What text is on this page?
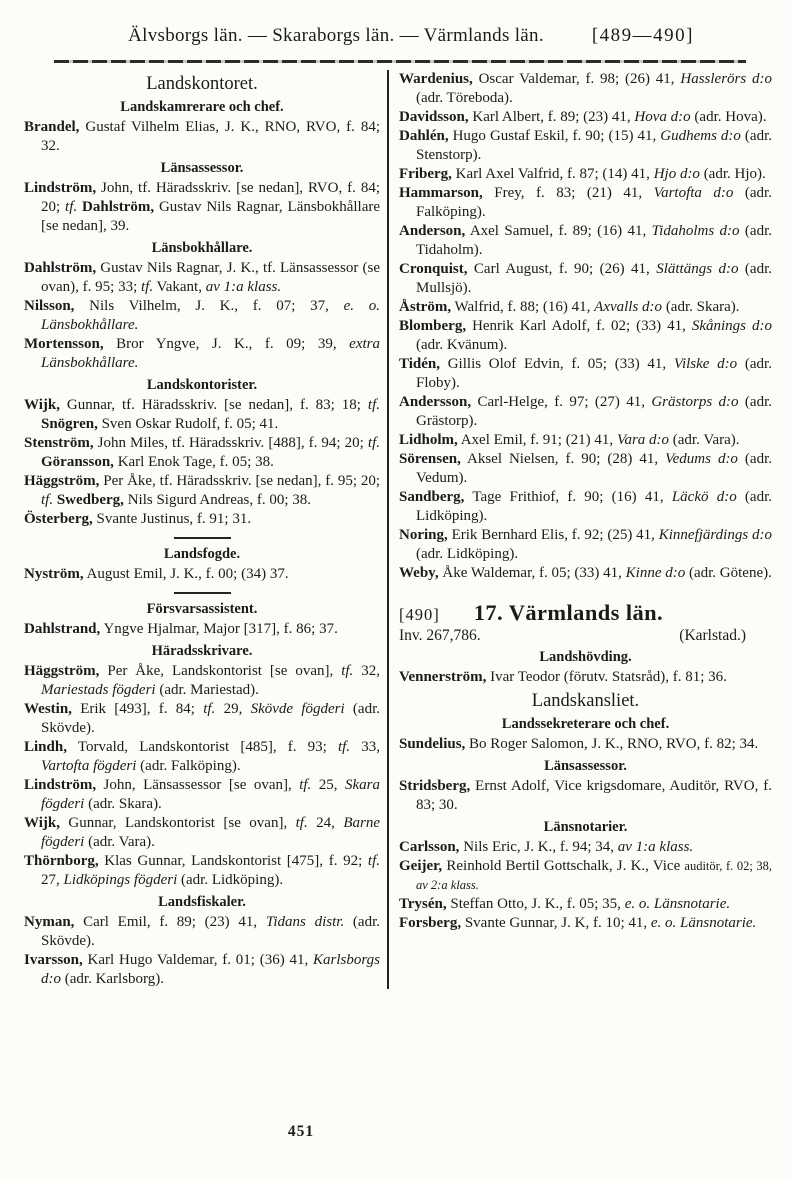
Älvsborgs län. — Skaraborgs län. — Värmlands län.	[489—490]
Landskontoret.
Landskamrerare och chef.

Brandel, Gustaf Vilhelm Elias, J. K., RNO, RVO, f. 84; 32.

Länsassessor.

Lindström, John, tf. Häradsskriv. [se nedan], RVO, f. 84; 20; tf. Dahlström, Gustav Nils Ragnar, Länsbokhållare [se nedan], 39.

Länsbokhållare.

Dahlström, Gustav Nils Ragnar, J. K., tf. Länsassessor (se ovan), f. 95; 33; tf. Vakant, av 1:a klass.

Nilsson, Nils Vilhelm, J. K., f. 07; 37, e. o. Länsbokhållare.

Mortensson, Bror Yngve, J. K., f. 09; 39, extra Länsbokhållare.

Landskontorister.

Wijk, Gunnar, tf. Häradsskriv. [se nedan], f. 83; 18; tf. Snögren, Sven Oskar Rudolf, f. 05; 41.

Stenström, John Miles, tf. Häradsskriv. [488], f. 94; 20; tf. Göransson, Karl Enok Tage, f. 05; 38.

Häggström, Per Åke, tf. Häradsskriv. [se nedan], f. 95; 20; tf. Swedberg, Nils Sigurd Andreas, f. 00; 38.

Österberg, Svante Justinus, f. 91; 31.

Landsfogde.

Nyström, August Emil, J. K., f. 00; (34) 37.

Försvarsassistent.

Dahlstrand, Yngve Hjalmar, Major [317], f. 86; 37.

Häradsskrivare.

Häggström, Per Åke, Landskontorist [se ovan], tf. 32, Mariestads fögderi (adr. Mariestad).

Westin, Erik [493], f. 84; tf. 29, Skövde fögderi (adr. Skövde).

Lindh, Torvald, Landskontorist [485], f. 93; tf. 33, Vartofta fögderi (adr. Falköping).

Lindström, John, Länsassessor [se ovan], tf. 25, Skara fögderi (adr. Skara).

Wijk, Gunnar, Landskontorist [se ovan], tf. 24, Barne fögderi (adr. Vara).

Thörnborg, Klas Gunnar, Landskontorist [475], f. 92; tf. 27, Lidköpings fögderi (adr. Lidköping).

Landsfiskaler.

Nyman, Carl Emil, f. 89; (23) 41, Tidans distr. (adr. Skövde).

Ivarsson, Karl Hugo Valdemar, f. 01; (36) 41, Karlsborgs d:o (adr. Karlsborg).

Wardenius, Oscar Valdemar, f. 98; (26) 41, Hasslerörs d:o (adr. Töreboda).

Davidsson, Karl Albert, f. 89; (23) 41, Hova d:o (adr. Hova).

Dahlén, Hugo Gustaf Eskil, f. 90; (15) 41, Gudhems d:o (adr. Stenstorp).

Friberg, Karl Axel Valfrid, f. 87; (14) 41, Hjo d:o (adr. Hjo).

Hammarson, Frey, f. 83; (21) 41, Vartofta d:o (adr. Falköping).

Anderson, Axel Samuel, f. 89; (16) 41, Tidaholms d:o (adr. Tidaholm).

Cronquist, Carl August, f. 90; (26) 41, Slättängs d:o (adr. Mullsjö).

Åström, Walfrid, f. 88; (16) 41, Axvalls d:o (adr. Skara).

Blomberg, Henrik Karl Adolf, f. 02; (33) 41, Skånings d:o (adr. Kvänum).

Tidén, Gillis Olof Edvin, f. 05; (33) 41, Vilske d:o (adr. Floby).

Andersson, Carl-Helge, f. 97; (27) 41, Grästorps d:o (adr. Grästorp).

Lidholm, Axel Emil, f. 91; (21) 41, Vara d:o (adr. Vara).

Sörensen, Aksel Nielsen, f. 90; (28) 41, Vedums d:o (adr. Vedum).

Sandberg, Tage Frithiof, f. 90; (16) 41, Läckö d:o (adr. Lidköping).

Noring, Erik Bernhard Elis, f. 92; (25) 41, Kinnefjärdings d:o (adr. Lidköping).

Weby, Åke Waldemar, f. 05; (33) 41, Kinne d:o (adr. Götene).

[490] 17. Värmlands län.
Inv. 267,786.	(Karlstad.)
Landshövding.

Vennerström, Ivar Teodor (förutv. Statsråd), f. 81; 36.

Landskansliet.
Landssekreterare och chef.

Sundelius, Bo Roger Salomon, J. K., RNO, RVO, f. 82; 34.

Länsassessor.

Stridsberg, Ernst Adolf, Vice krigsdomare, Auditör, RVO, f. 83; 30.

Länsnotarier.

Carlsson, Nils Eric, J. K., f. 94; 34, av 1:a klass.

Geijer, Reinhold Bertil Gottschalk, J. K., Vice auditör, f. 02; 38, av 2:a klass.

Trysén, Steffan Otto, J. K., f. 05; 35, e. o. Länsnotarie.

Forsberg, Svante Gunnar, J. K, f. 10; 41, e. o. Länsnotarie.

451
